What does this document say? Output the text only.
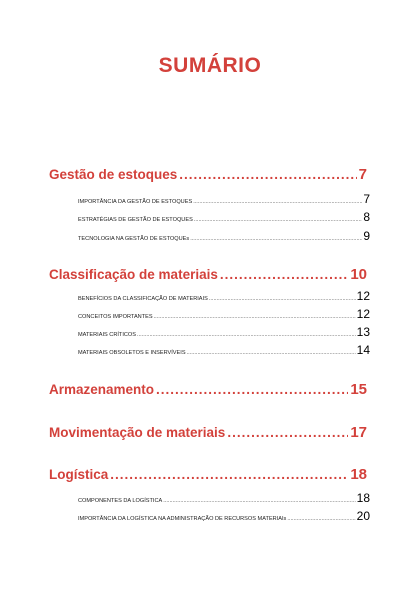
SUMÁRIO
Gestão de estoques .....	7
IMPORTÂNCIA DA GESTÃO DE ESTOQUES .....	7
ESTRATÉGIAS DE GESTÃO DE ESTOQUES .....	8
TECNOLOGIA NA GESTÃO DE ESTOQUEs .....	9
Classificação de materiais .....	10
BENEFÍCIOS DA CLASSIFICAÇÃO DE MATERIAIS .....	12
CONCEITOS IMPORTANTES .....	12
MATERIAIS CRÍTICOS .....	13
MATERIAIS OBSOLETOS E INSERVÍVEIS .....	14
Armazenamento .....	15
Movimentação de materiais .....	17
Logística .....	18
COMPONENTES DA LOGÍSTICA .....	18
IMPORTÂNCIA DA LOGÍSTICA NA ADMINISTRAÇÃO DE RECURSOS MATERIAIs .....	20
